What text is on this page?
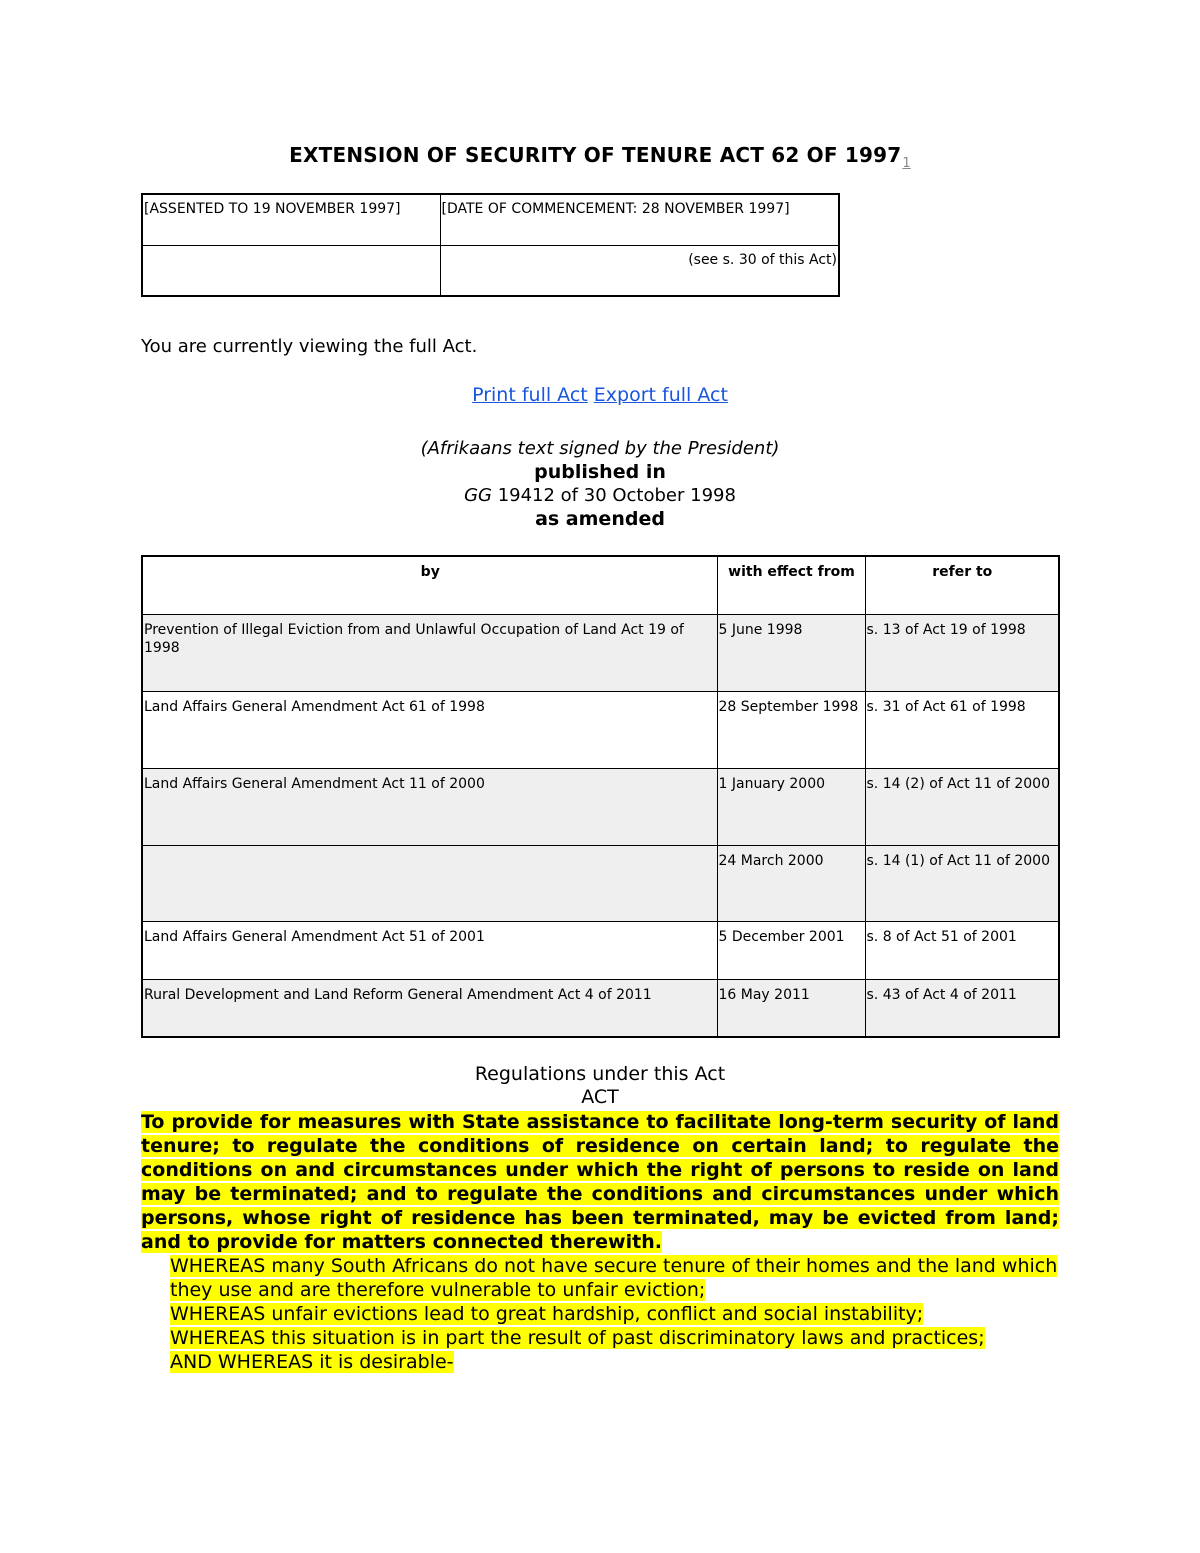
EXTENSION OF SECURITY OF TENURE ACT 62 OF 1997$^1$
[ASSENTED TO 19 NOVEMBER 1997]	[DATE OF COMMENCEMENT: 28 NOVEMBER 1997]
	(see s. 30 of this Act)
You are currently viewing the full Act.
Print full Act Export full Act
(Afrikaans text signed by the President)
published in
GG 19412 of 30 October 1998
as amended
by	with effect from	refer to
Prevention of Illegal Eviction from and Unlawful Occupation of Land Act 19 of 1998	5 June 1998	s. 13 of Act 19 of 1998
Land Affairs General Amendment Act 61 of 1998	28 September 1998	s. 31 of Act 61 of 1998
Land Affairs General Amendment Act 11 of 2000	1 January 2000	s. 14 (2) of Act 11 of 2000
	24 March 2000	s. 14 (1) of Act 11 of 2000
Land Affairs General Amendment Act 51 of 2001	5 December 2001	s. 8 of Act 51 of 2001
Rural Development and Land Reform General Amendment Act 4 of 2011	16 May 2011	s. 43 of Act 4 of 2011
Regulations under this Act
ACT

To provide for measures with State assistance to facilitate long-term security of land tenure; to regulate the conditions of residence on certain land; to regulate the conditions on and circumstances under which the right of persons to reside on land may be terminated; and to regulate the conditions and circumstances under which persons, whose right of residence has been terminated, may be evicted from land; and to provide for matters connected therewith.

WHEREAS many South Africans do not have secure tenure of their homes and the land which they use and are therefore vulnerable to unfair eviction;

WHEREAS unfair evictions lead to great hardship, conflict and social instability;

WHEREAS this situation is in part the result of past discriminatory laws and practices;

AND WHEREAS it is desirable-
